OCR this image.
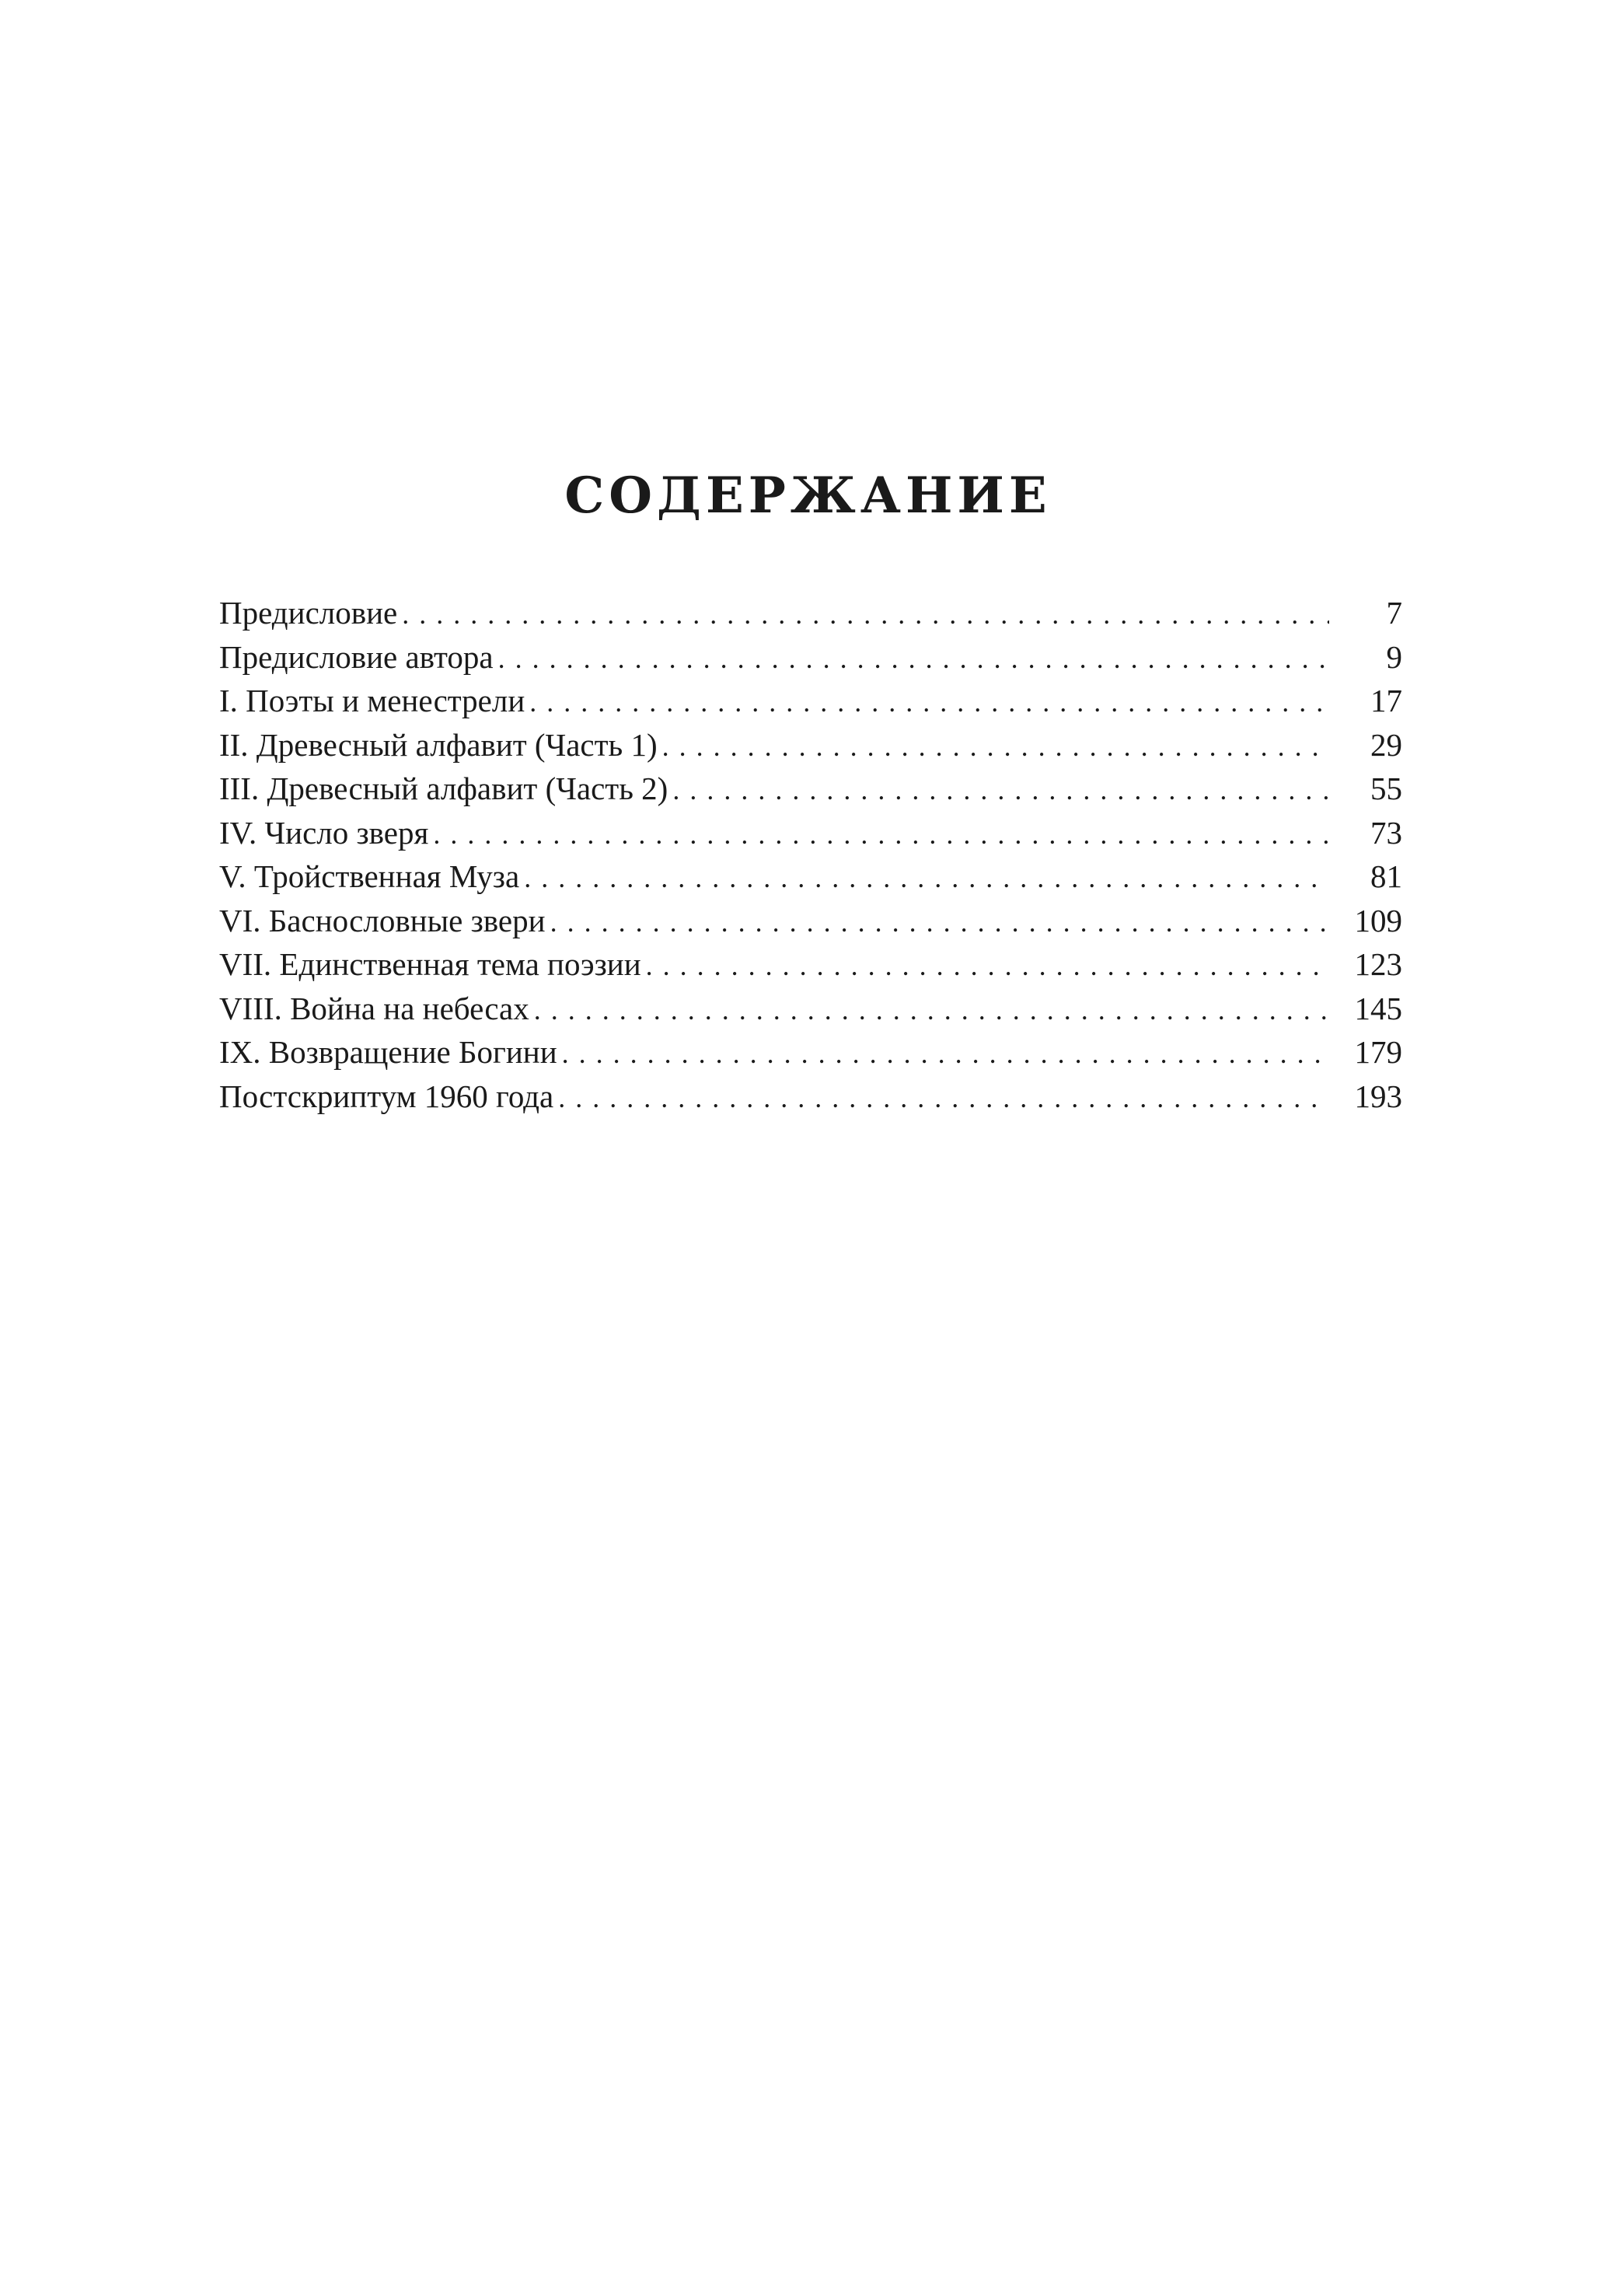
СОДЕРЖАНИЕ
Предисловие . . .	7
Предисловие автора . . .	9
I. Поэты и менестрели . . .	17
II. Древесный алфавит (Часть 1) . . .	29
III. Древесный алфавит (Часть 2) . . .	55
IV. Число зверя . . .	73
V. Тройственная Муза . . .	81
VI. Баснословные звери . . .	109
VII. Единственная тема поэзии . . .	123
VIII. Война на небесах . . .	145
IX. Возвращение Богини . . .	179
Постскриптум 1960 года . . .	193
